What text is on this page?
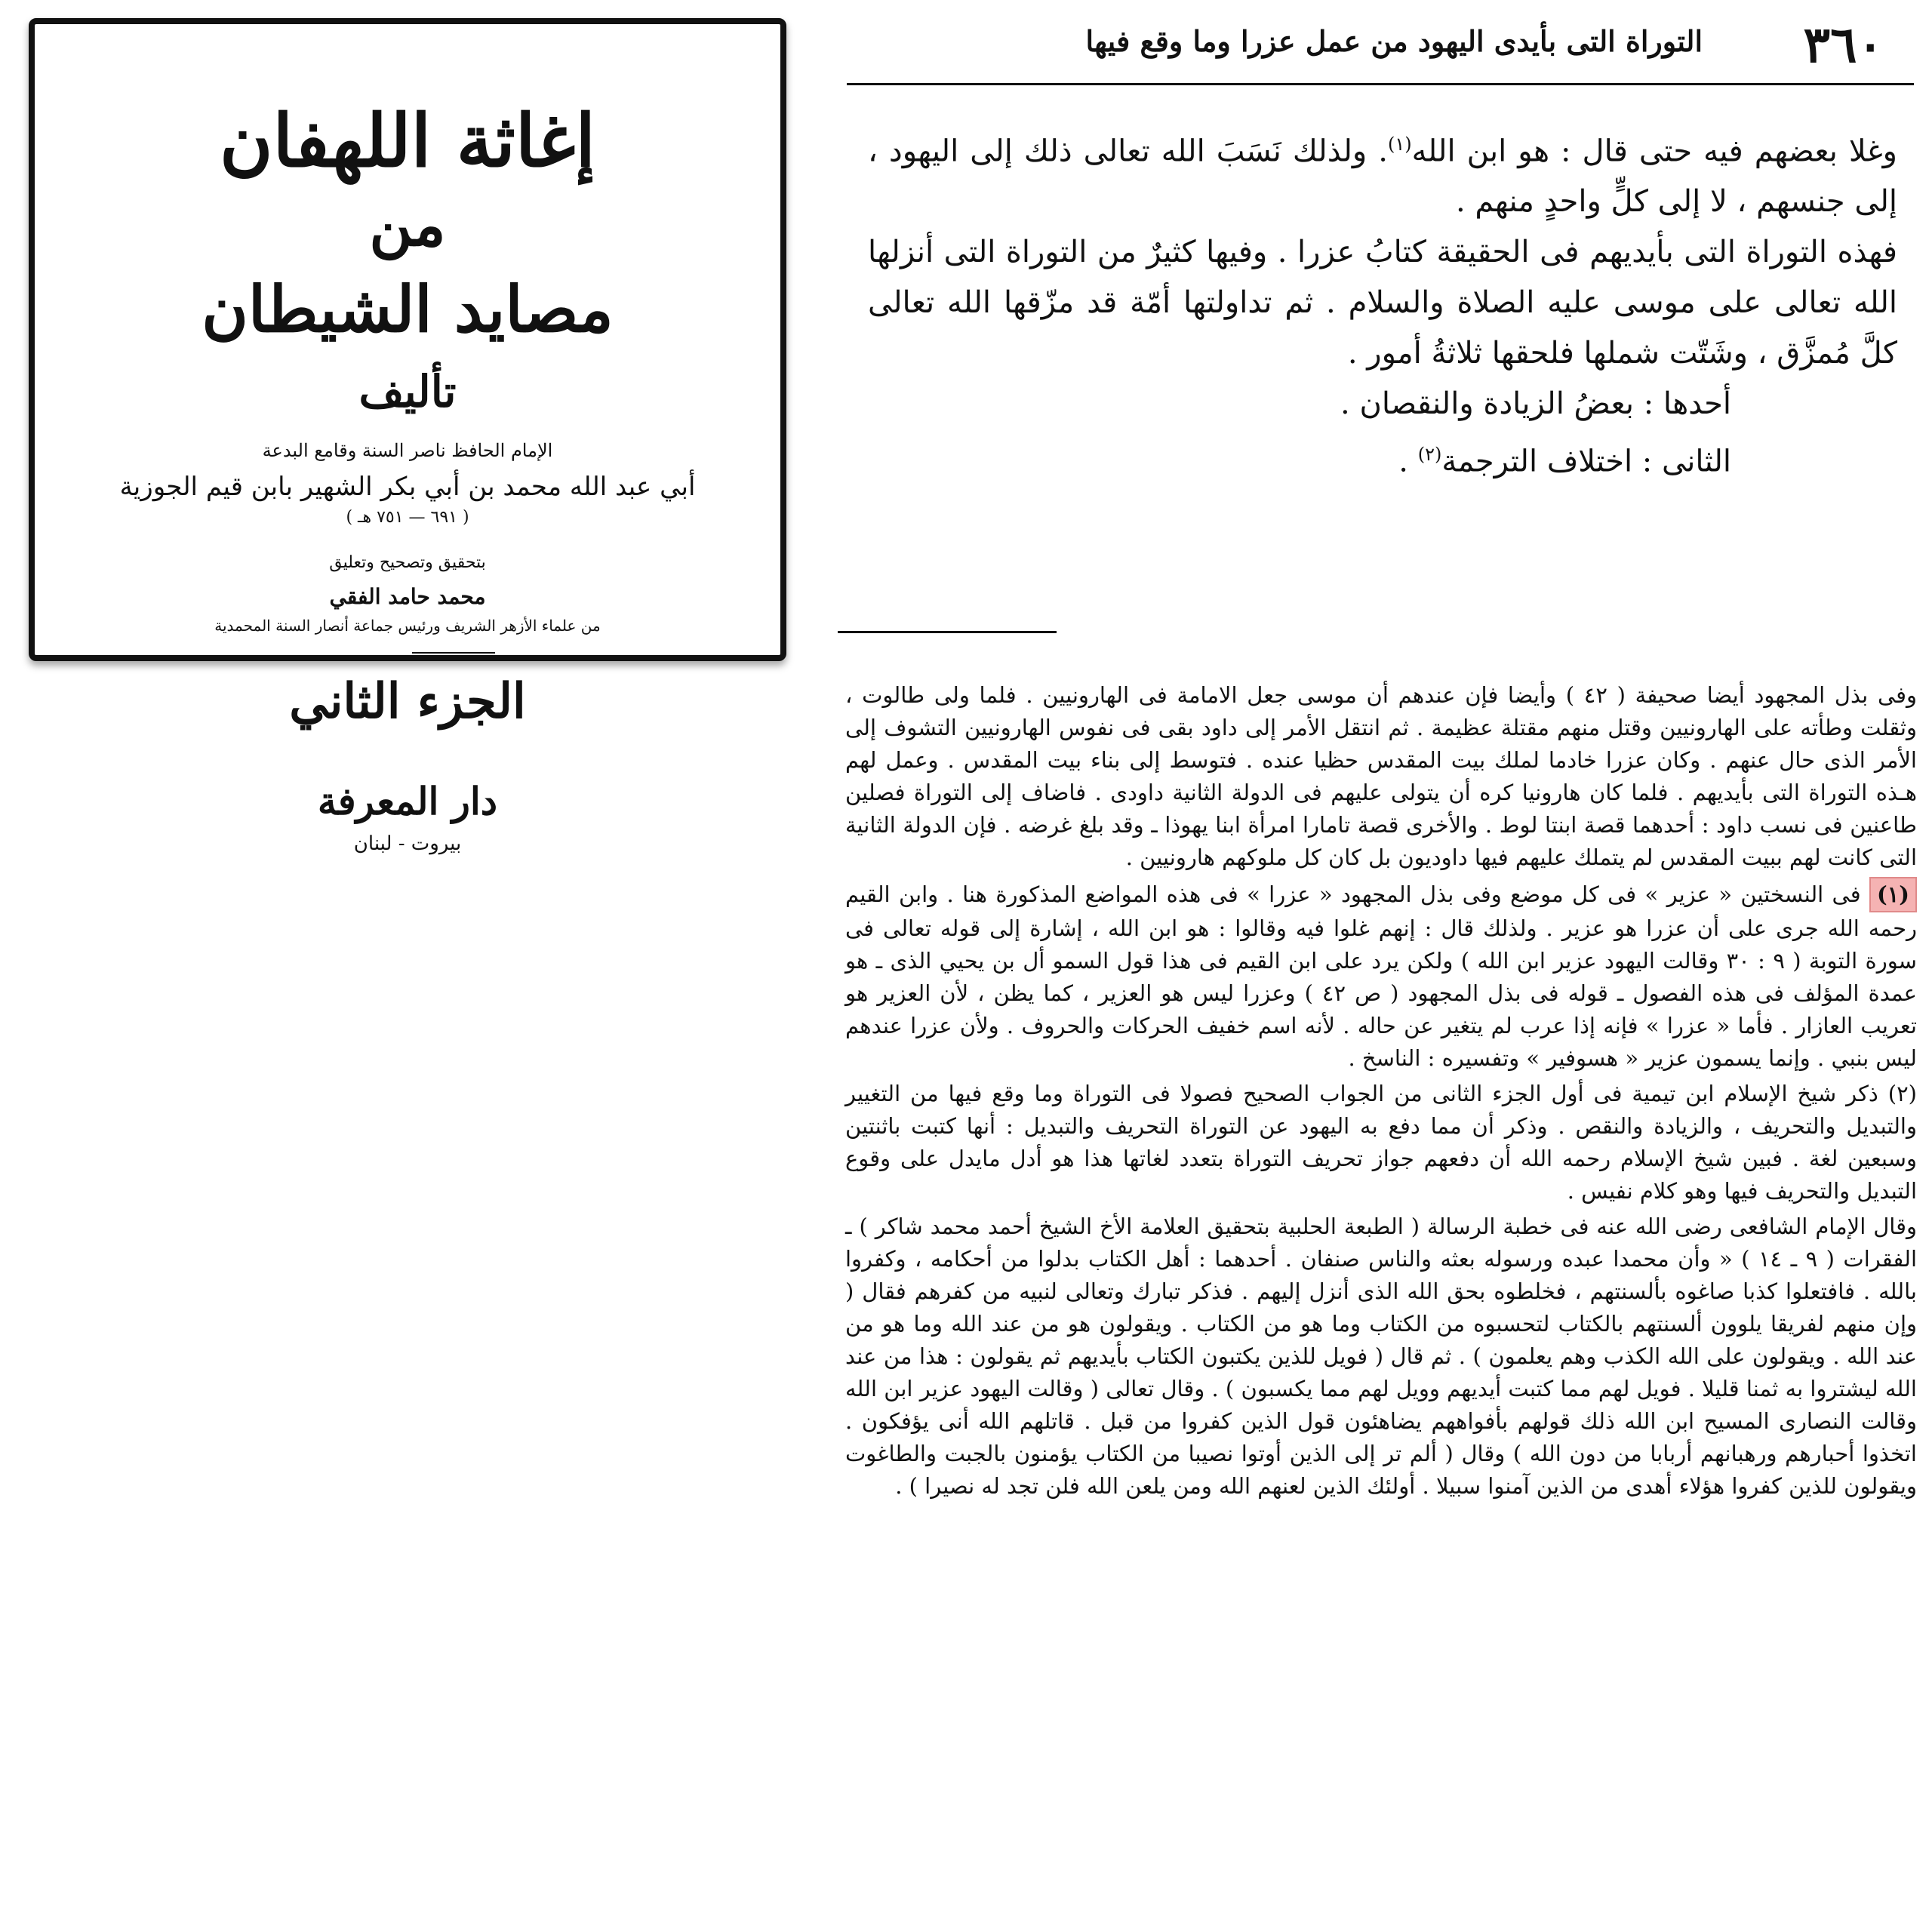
إغاثة اللهفان
من
مصايد الشيطان
تأليف
الإمام الحافظ ناصر السنة وقامع البدعة
أبي عبد الله محمد بن أبي بكر الشهير بابن قيم الجوزية
( ٦٩١ — ٧٥١ هـ )
بتحقيق وتصحيح وتعليق
محمد حامد الفقي
من علماء الأزهر الشريف ورئيس جماعة أنصار السنة المحمدية
الجزء الثاني
دار المعرفة
بيروت - لبنان
٣٦٠
التوراة التى بأيدى اليهود من عمل عزرا وما وقع فيها

وغلا بعضهم فيه حتى قال : هو ابن الله$^{(١)}$. ولذلك نَسَبَ الله تعالى ذلك إلى اليهود ، إلى جنسهم ، لا إلى كلٍّ واحدٍ منهم .

فهذه التوراة التى بأيديهم فى الحقيقة كتابُ عزرا . وفيها كثيرٌ من التوراة التى أنزلها الله تعالى على موسى عليه الصلاة والسلام . ثم تداولتها أمّة قد مزّقها الله تعالى كلَّ مُمزَّق ، وشَتّت شملها فلحقها ثلاثةُ أمور .

أحدها : بعضُ الزيادة والنقصان .

الثانى : اختلاف الترجمة$^{(٢)}$ .

وفى بذل المجهود أيضا صحيفة ( ٤٢ ) وأيضا فإن عندهم أن موسى جعل الامامة فى الهارونيين . فلما ولى طالوت ، وثقلت وطأته على الهارونيين وقتل منهم مقتلة عظيمة . ثم انتقل الأمر إلى داود بقى فى نفوس الهارونيين التشوف إلى الأمر الذى حال عنهم . وكان عزرا خادما لملك بيت المقدس حظيا عنده . فتوسط إلى بناء بيت المقدس . وعمل لهم هـذه التوراة التى بأيديهم . فلما كان هارونيا كره أن يتولى عليهم فى الدولة الثانية داودى . فاضاف إلى التوراة فصلين طاعنين فى نسب داود : أحدهما قصة ابنتا لوط . والأخرى قصة تامارا امرأة ابنا يهوذا ـ وقد بلغ غرضه . فإن الدولة الثانية التى كانت لهم ببيت المقدس لم يتملك عليهم فيها داوديون بل كان كل ملوكهم هارونيين .

(١) فى النسختين « عزير » فى كل موضع وفى بذل المجهود « عزرا » فى هذه المواضع المذكورة هنا . وابن القيم رحمه الله جرى على أن عزرا هو عزير . ولذلك قال : إنهم غلوا فيه وقالوا : هو ابن الله ، إشارة إلى قوله تعالى فى سورة التوبة ( ٩ : ٣٠ وقالت اليهود عزير ابن الله ) ولكن يرد على ابن القيم فى هذا قول السمو أل بن يحيي الذى ـ هو عمدة المؤلف فى هذه الفصول ـ قوله فى بذل المجهود ( ص ٤٢ ) وعزرا ليس هو العزير ، كما يظن ، لأن العزير هو تعريب العازار . فأما « عزرا » فإنه إذا عرب لم يتغير عن حاله . لأنه اسم خفيف الحركات والحروف . ولأن عزرا عندهم ليس بنبي . وإنما يسمون عزير « هسوفير » وتفسيره : الناسخ .

(٢) ذكر شيخ الإسلام ابن تيمية فى أول الجزء الثانى من الجواب الصحيح فصولا فى التوراة وما وقع فيها من التغيير والتبديل والتحريف ، والزيادة والنقص . وذكر أن مما دفع به اليهود عن التوراة التحريف والتبديل : أنها كتبت باثنتين وسبعين لغة . فبين شيخ الإسلام رحمه الله أن دفعهم جواز تحريف التوراة بتعدد لغاتها هذا هو أدل مايدل على وقوع التبديل والتحريف فيها وهو كلام نفيس .

وقال الإمام الشافعى رضى الله عنه فى خطبة الرسالة ( الطبعة الحلبية بتحقيق العلامة الأخ الشيخ أحمد محمد شاكر ) ـ الفقرات ( ٩ ـ ١٤ ) « وأن محمدا عبده ورسوله بعثه والناس صنفان . أحدهما : أهل الكتاب بدلوا من أحكامه ، وكفروا بالله . فافتعلوا كذبا صاغوه بألسنتهم ، فخلطوه بحق الله الذى أنزل إليهم . فذكر تبارك وتعالى لنبيه من كفرهم فقال ( وإن منهم لفريقا يلوون ألسنتهم بالكتاب لتحسبوه من الكتاب وما هو من الكتاب . ويقولون هو من عند الله وما هو من عند الله . ويقولون على الله الكذب وهم يعلمون ) . ثم قال ( فويل للذين يكتبون الكتاب بأيديهم ثم يقولون : هذا من عند الله ليشتروا به ثمنا قليلا . فويل لهم مما كتبت أيديهم وويل لهم مما يكسبون ) . وقال تعالى ( وقالت اليهود عزير ابن الله وقالت النصارى المسيح ابن الله ذلك قولهم بأفواههم يضاهئون قول الذين كفروا من قبل . قاتلهم الله أنى يؤفكون . اتخذوا أحبارهم ورهبانهم أربابا من دون الله ) وقال ( ألم تر إلى الذين أوتوا نصيبا من الكتاب يؤمنون بالجبت والطاغوت ويقولون للذين كفروا هؤلاء أهدى من الذين آمنوا سبيلا . أولئك الذين لعنهم الله ومن يلعن الله فلن تجد له نصيرا ) .
